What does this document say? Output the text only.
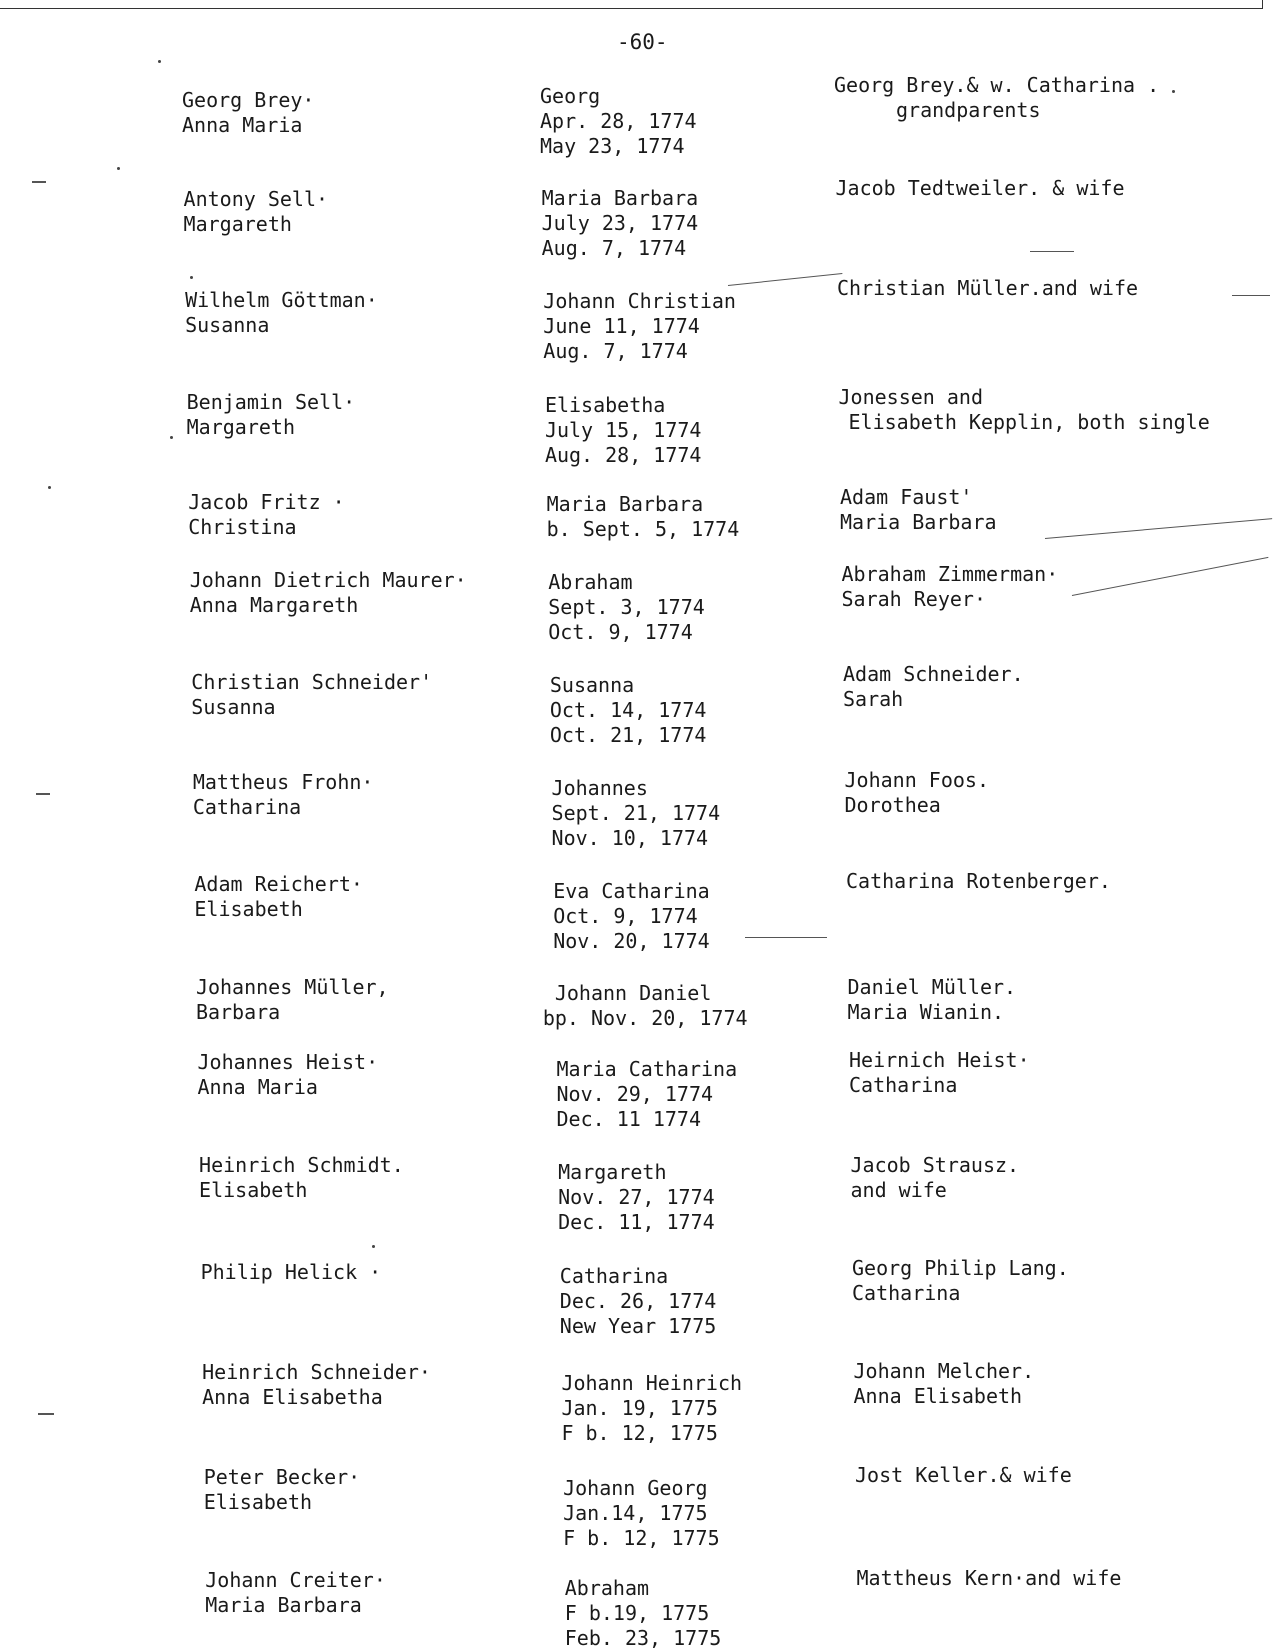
-60-
Georg Brey·
Anna Maria
Georg
Apr. 28, 1774
May 23, 1774
Georg Brey.& w. Catharina .
grandparents
Antony Sell·
Margareth
Maria Barbara
July 23, 1774
Aug. 7, 1774
Jacob Tedtweiler. & wife
Wilhelm Göttman·
Susanna
Johann Christian
June 11, 1774
Aug. 7, 1774
Christian Müller.and wife
Benjamin Sell·
Margareth
Elisabetha
July 15, 1774
Aug. 28, 1774
Jonessen and
Elisabeth Kepplin, both single
Jacob Fritz ·
Christina
Maria Barbara
b. Sept. 5, 1774
Adam Faust'
Maria Barbara
Johann Dietrich Maurer·
Anna Margareth
Abraham
Sept. 3, 1774
Oct. 9, 1774
Abraham Zimmerman·
Sarah Reyer·
Christian Schneider'
Susanna
Susanna
Oct. 14, 1774
Oct. 21, 1774
Adam Schneider.
Sarah
Mattheus Frohn·
Catharina
Johannes
Sept. 21, 1774
Nov. 10, 1774
Johann Foos.
Dorothea
Adam Reichert·
Elisabeth
Eva Catharina
Oct. 9, 1774
Nov. 20, 1774
Catharina Rotenberger.
Johannes Müller,
Barbara
Johann Daniel
bp. Nov. 20, 1774
Daniel Müller.
Maria Wianin.
Johannes Heist·
Anna Maria
Maria Catharina
Nov. 29, 1774
Dec. 11 1774
Heirnich Heist·
Catharina
Heinrich Schmidt.
Elisabeth
Margareth
Nov. 27, 1774
Dec. 11, 1774
Jacob Strausz.
and wife
Philip Helick ·	Catharina
Dec. 26, 1774
New Year 1775
Georg Philip Lang.
Catharina
Heinrich Schneider·
Anna Elisabetha
Johann Heinrich
Jan. 19, 1775
F b. 12, 1775
Johann Melcher.
Anna Elisabeth
Peter Becker·
Elisabeth
Johann Georg
Jan.14, 1775
F b. 12, 1775
Jost Keller.& wife
Johann Creiter·
Maria Barbara
Abraham
F b.19, 1775
Feb. 23, 1775
Mattheus Kern·and wife
